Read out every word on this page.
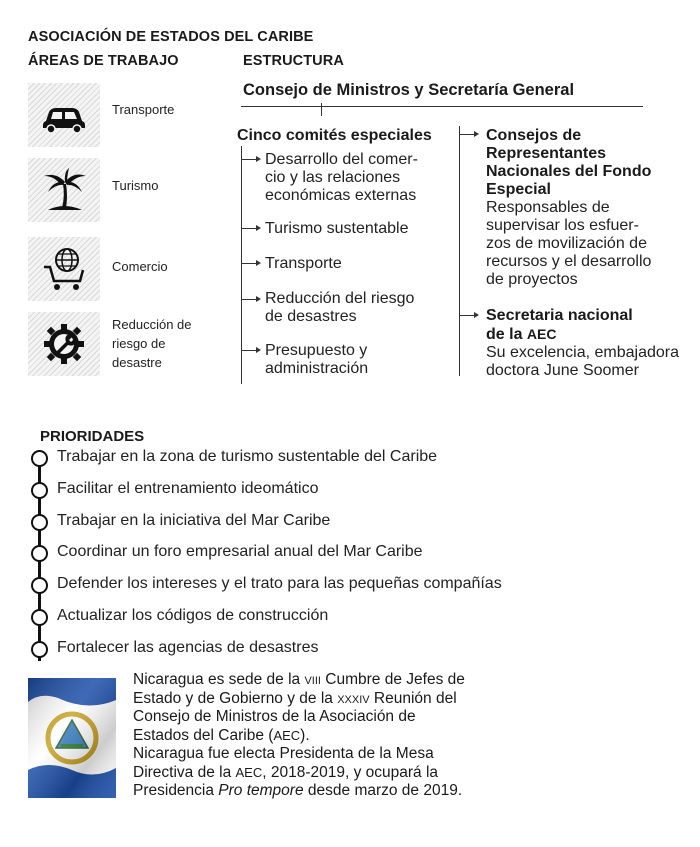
ASOCIACIÓN DE ESTADOS DEL CARIBE
ÁREAS DE TRABAJO
Transporte
Turismo
Comercio
Reducción de
riesgo de
desastre
ESTRUCTURA
Consejo de Ministros y Secretaría General
Cinco comités especiales
Desarrollo del comer-
cio y las relaciones
económicas externas
Turismo sustentable
Transporte
Reducción del riesgo
de desastres
Presupuesto y
administración
Consejos de
Representantes
Nacionales del Fondo
Especial
Responsables de
supervisar los esfuer-
zos de movilización de
recursos y el desarrollo
de proyectos
Secretaria nacional
de la AEC
Su excelencia, embajadora
doctora June Soomer
PRIORIDADES
Trabajar en la zona de turismo sustentable del Caribe
Facilitar el entrenamiento ideomático
Trabajar en la iniciativa del Mar Caribe
Coordinar un foro empresarial anual del Mar Caribe
Defender los intereses y el trato para las pequeñas compañías
Actualizar los códigos de construcción
Fortalecer las agencias de desastres
Nicaragua es sede de la viii Cumbre de Jefes de Estado y de Gobierno y de la xxxiv Reunión del Consejo de Ministros de la Asociación de Estados del Caribe (AEC).
Nicaragua fue electa Presidenta de la Mesa Directiva de la AEC, 2018-2019, y ocupará la Presidencia Pro tempore desde marzo de 2019.
